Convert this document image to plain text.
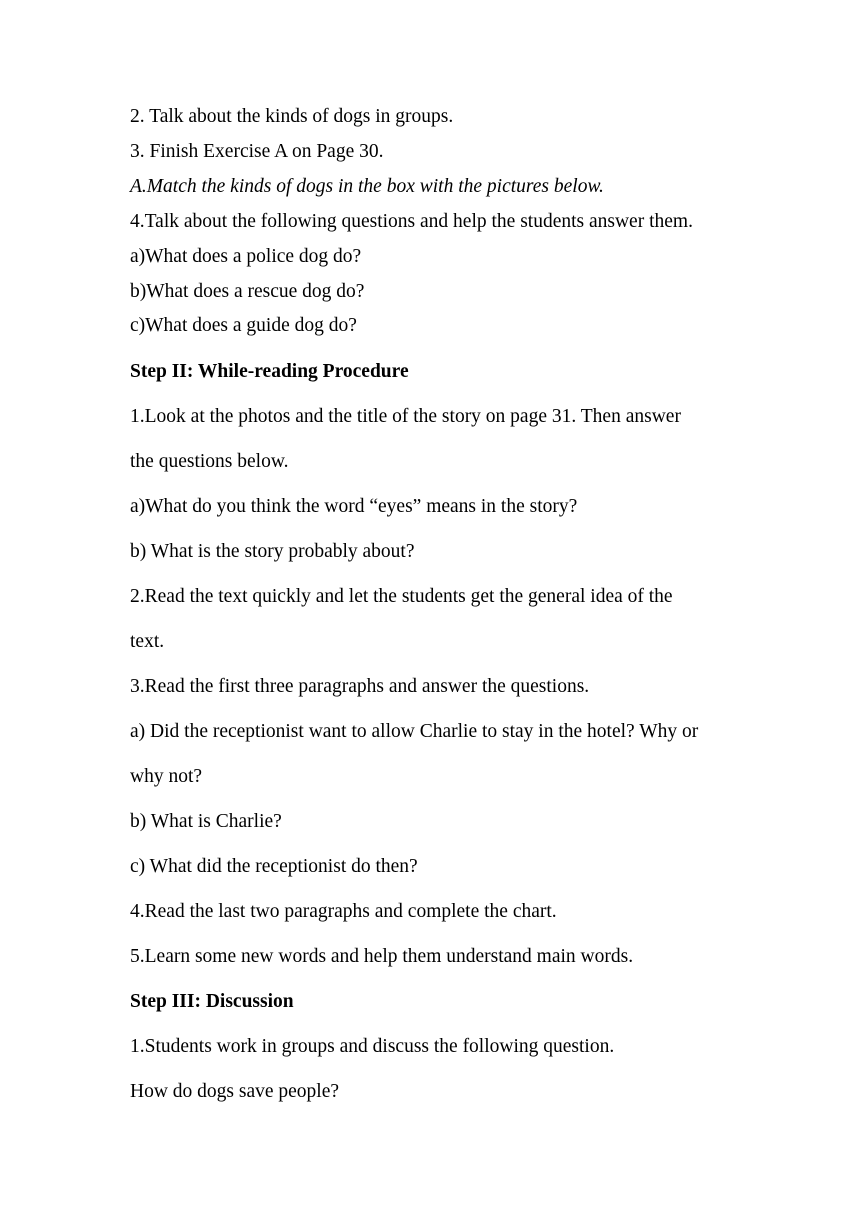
2. Talk about the kinds of dogs in groups.
3. Finish Exercise A on Page 30.
A.Match the kinds of dogs in the box with the pictures below.
4.Talk about the following questions and help the students answer them.
a)What does a police dog do?
b)What does a rescue dog do?
c)What does a guide dog do?
Step II: While-reading Procedure
1.Look at the photos and the title of the story on page 31. Then answer
the questions below.
a)What do you think the word “eyes” means in the story?
b) What is the story probably about?
2.Read the text quickly and let the students get the general idea of the
text.
3.Read the first three paragraphs and answer the questions.
a) Did the receptionist want to allow Charlie to stay in the hotel? Why or
why not?
b) What is Charlie?
c) What did the receptionist do then?
4.Read the last two paragraphs and complete the chart.
5.Learn some new words and help them understand main words.
Step III: Discussion
1.Students work in groups and discuss the following question.
How do dogs save people?
